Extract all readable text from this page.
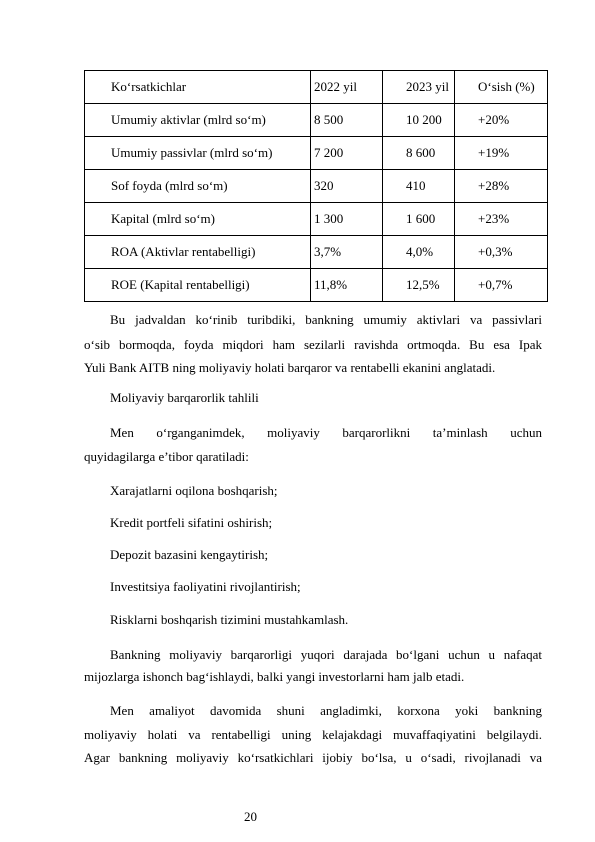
Ko‘rsatkichlar	2022 yil	2023 yil	O‘sish (%)
Umumiy aktivlar (mlrd so‘m)	8 500	10 200	+20%
Umumiy passivlar (mlrd so‘m)	7 200	8 600	+19%
Sof foyda (mlrd so‘m)	320	410	+28%
Kapital (mlrd so‘m)	1 300	1 600	+23%
ROA (Aktivlar rentabelligi)	3,7%	4,0%	+0,3%
ROE (Kapital rentabelligi)	11,8%	12,5%	+0,7%

Bu jadvaldan ko‘rinib turibdiki, bankning umumiy aktivlari va passivlari

o‘sib bormoqda, foyda miqdori ham sezilarli ravishda ortmoqda. Bu esa Ipak

Yuli Bank AITB ning moliyaviy holati barqaror va rentabelli ekanini anglatadi.

Moliyaviy barqarorlik tahlili

Men o‘rganganimdek, moliyaviy barqarorlikni ta’minlash uchun

quyidagilarga e’tibor qaratiladi:

Xarajatlarni oqilona boshqarish;

Kredit portfeli sifatini oshirish;

Depozit bazasini kengaytirish;

Investitsiya faoliyatini rivojlantirish;

Risklarni boshqarish tizimini mustahkamlash.

Bankning moliyaviy barqarorligi yuqori darajada bo‘lgani uchun u nafaqat

mijozlarga ishonch bag‘ishlaydi, balki yangi investorlarni ham jalb etadi.

Men amaliyot davomida shuni angladimki, korxona yoki bankning

moliyaviy holati va rentabelligi uning kelajakdagi muvaffaqiyatini belgilaydi.

Agar bankning moliyaviy ko‘rsatkichlari ijobiy bo‘lsa, u o‘sadi, rivojlanadi va

20
